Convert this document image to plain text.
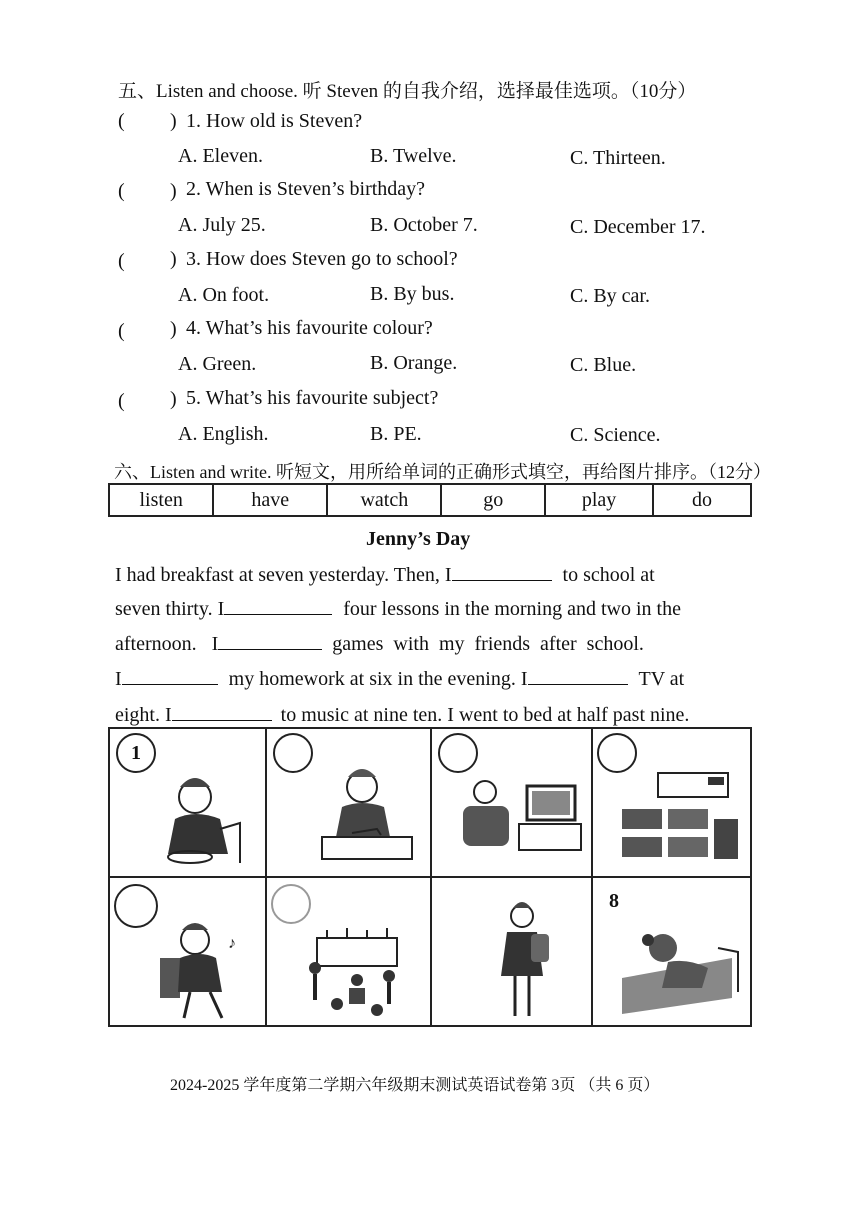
五、Listen and choose. 听 Steven 的自我介绍，选择最佳选项。（10分）
( ) 1. How old is Steven?
A. Eleven.	B. Twelve.	C. Thirteen.
( ) 2. When is Steven’s birthday?
A. July 25.	B. October 7.	C. December 17.
( ) 3. How does Steven go to school?
A. On foot.	B. By bus.	C. By car.
( ) 4. What’s his favourite colour?
A. Green.	B. Orange.	C. Blue.
( ) 5. What’s his favourite subject?
A. English.	B. PE.	C. Science.
六、Listen and write. 听短文，用所给单词的正确形式填空，再给图片排序。（12分）
listen	have	watch	go	play	do
Jenny’s Day
I had breakfast at seven yesterday. Then, I	to school at
seven thirty. I	four lessons in the morning and two in the
afternoon.   I	games  with  my  friends  after  school.
I	my homework at six in the evening. I	TV at
eight. I	to music at nine ten. I went to bed at half past nine.
1
♪
8
2024-2025 学年度第二学期六年级期末测试英语试卷第 3页 （共 6 页）
